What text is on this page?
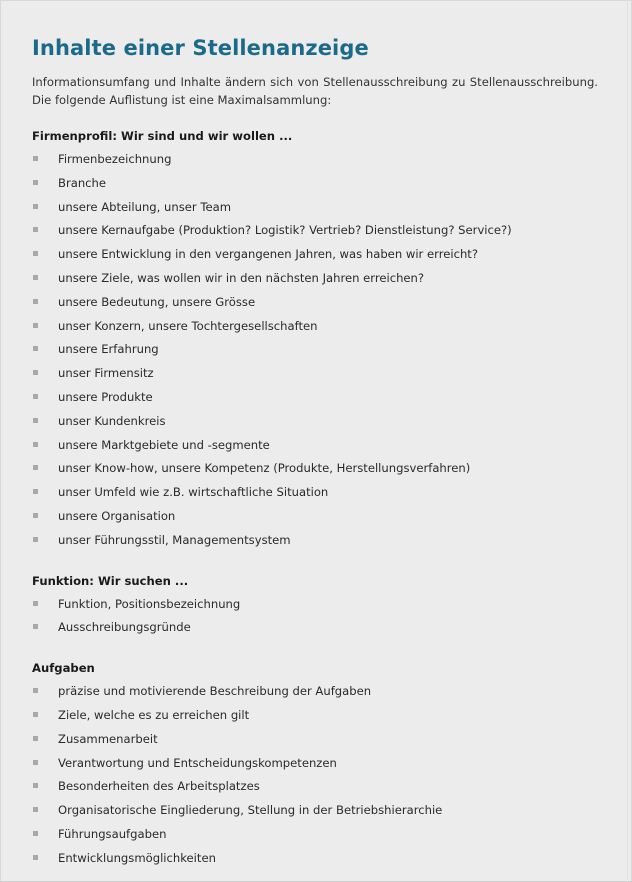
Inhalte einer Stellenanzeige
Informationsumfang und Inhalte ändern sich von Stellenausschreibung zu Stellenausschreibung.
Die folgende Auflistung ist eine Maximalsammlung:
Firmenprofil: Wir sind und wir wollen ...
Firmenbezeichnung
Branche
unsere Abteilung, unser Team
unsere Kernaufgabe (Produktion? Logistik? Vertrieb? Dienstleistung? Service?)
unsere Entwicklung in den vergangenen Jahren, was haben wir erreicht?
unsere Ziele, was wollen wir in den nächsten Jahren erreichen?
unsere Bedeutung, unsere Grösse
unser Konzern, unsere Tochtergesellschaften
unsere Erfahrung
unser Firmensitz
unsere Produkte
unser Kundenkreis
unsere Marktgebiete und -segmente
unser Know-how, unsere Kompetenz (Produkte, Herstellungsverfahren)
unser Umfeld wie z.B. wirtschaftliche Situation
unsere Organisation
unser Führungsstil, Managementsystem
Funktion: Wir suchen ...
Funktion, Positionsbezeichnung
Ausschreibungsgründe
Aufgaben
präzise und motivierende Beschreibung der Aufgaben
Ziele, welche es zu erreichen gilt
Zusammenarbeit
Verantwortung und Entscheidungskompetenzen
Besonderheiten des Arbeitsplatzes
Organisatorische Eingliederung, Stellung in der Betriebshierarchie
Führungsaufgaben
Entwicklungsmöglichkeiten
